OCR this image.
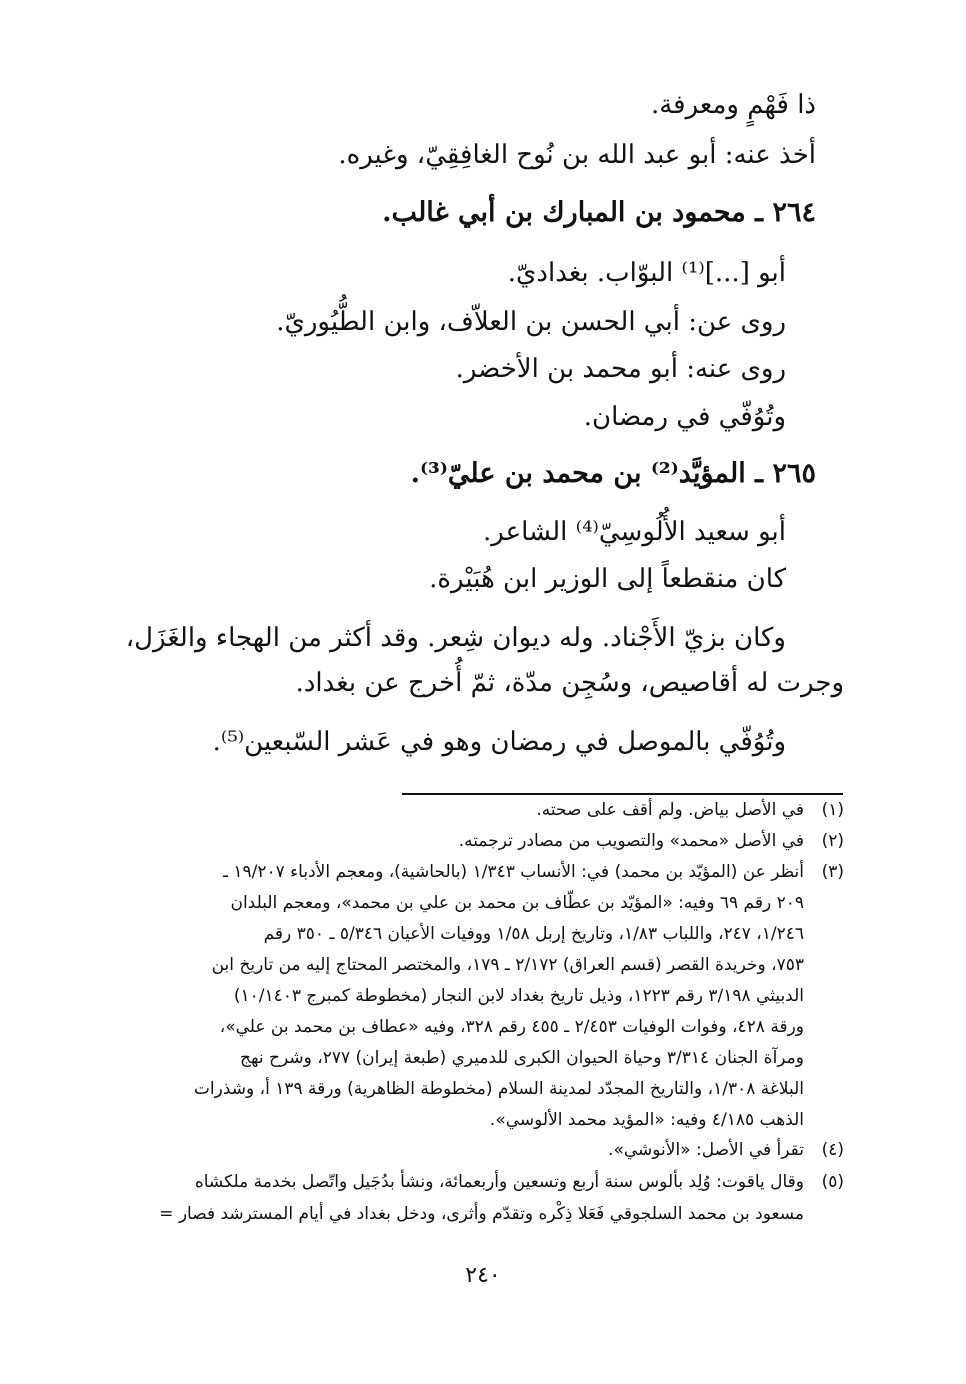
ذا فَهْمٍ ومعرفة.
أخذ عنه: أبو عبد الله بن نُوح الغافِقِيّ، وغيره.
٢٦٤ ـ محمود بن المبارك بن أبي غالب.
أبو [...]⁽¹⁾ البوّاب. بغداديّ.
روى عن: أبي الحسن بن العلاّف، وابن الطُّيُوريّ.
روى عنه: أبو محمد بن الأخضر.
وتُوُفّي في رمضان.
٢٦٥ ـ المؤيَّد⁽²⁾ بن محمد بن عليّ⁽³⁾.
أبو سعيد الأُلُوسِيّ⁽⁴⁾ الشاعر.
كان منقطعاً إلى الوزير ابن هُبَيْرة.
وكان بزيّ الأَجْناد. وله ديوان شِعر. وقد أكثر من الهجاء والغَزَل،
وجرت له أقاصيص، وسُجِن مدّة، ثمّ أُخرج عن بغداد.
وتُوُفّي بالموصل في رمضان وهو في عَشر السّبعين⁽⁵⁾.
(١)
(٢)
(٣)
(٤)
(٥)
في الأصل بياض. ولم أقف على صحته.
في الأصل «محمد» والتصويب من مصادر ترجمته.
أنظر عن (المؤيّد بن محمد) في: الأنساب ١/٣٤٣ (بالحاشية)، ومعجم الأدباء ١٩/٢٠٧ ـ
٢٠٩ رقم ٦٩ وفيه: «المؤيّد بن عطّاف بن محمد بن علي بن محمد»، ومعجم البلدان
١/٢٤٦، ٢٤٧، واللباب ١/٨٣، وتاريخ إربل ١/٥٨ ووفيات الأعيان ٥/٣٤٦ ـ ٣٥٠ رقم
٧٥٣، وخريدة القصر (قسم العراق) ٢/١٧٢ ـ ١٧٩، والمختصر المحتاج إليه من تاريخ ابن
الدبيثي ٣/١٩٨ رقم ١٢٢٣، وذيل تاريخ بغداد لابن النجار (مخطوطة كمبرج ١٠/١٤٠٣)
ورقة ٤٢٨، وفوات الوفيات ٢/٤٥٣ ـ ٤٥٥ رقم ٣٢٨، وفيه «عطاف بن محمد بن علي»،
ومرآة الجنان ٣/٣١٤ وحياة الحيوان الكبرى للدميري (طبعة إيران) ٢٧٧، وشرح نهج
البلاغة ١/٣٠٨، والتاريخ المجدّد لمدينة السلام (مخطوطة الظاهرية) ورقة ١٣٩ أ، وشذرات
الذهب ٤/١٨٥ وفيه: «المؤيد محمد الألوسي».
تقرأ في الأصل: «الأنوشي».
وقال ياقوت: وُلِد بألوس سنة أربع وتسعين وأربعمائة، ونشأ بدُجَيل واتّصل بخدمة ملكشاه
مسعود بن محمد السلجوقي فَعَلا ذِكْره وتقدّم وأثرى، ودخل بغداد في أيام المسترشد فصار =
٢٤٠
